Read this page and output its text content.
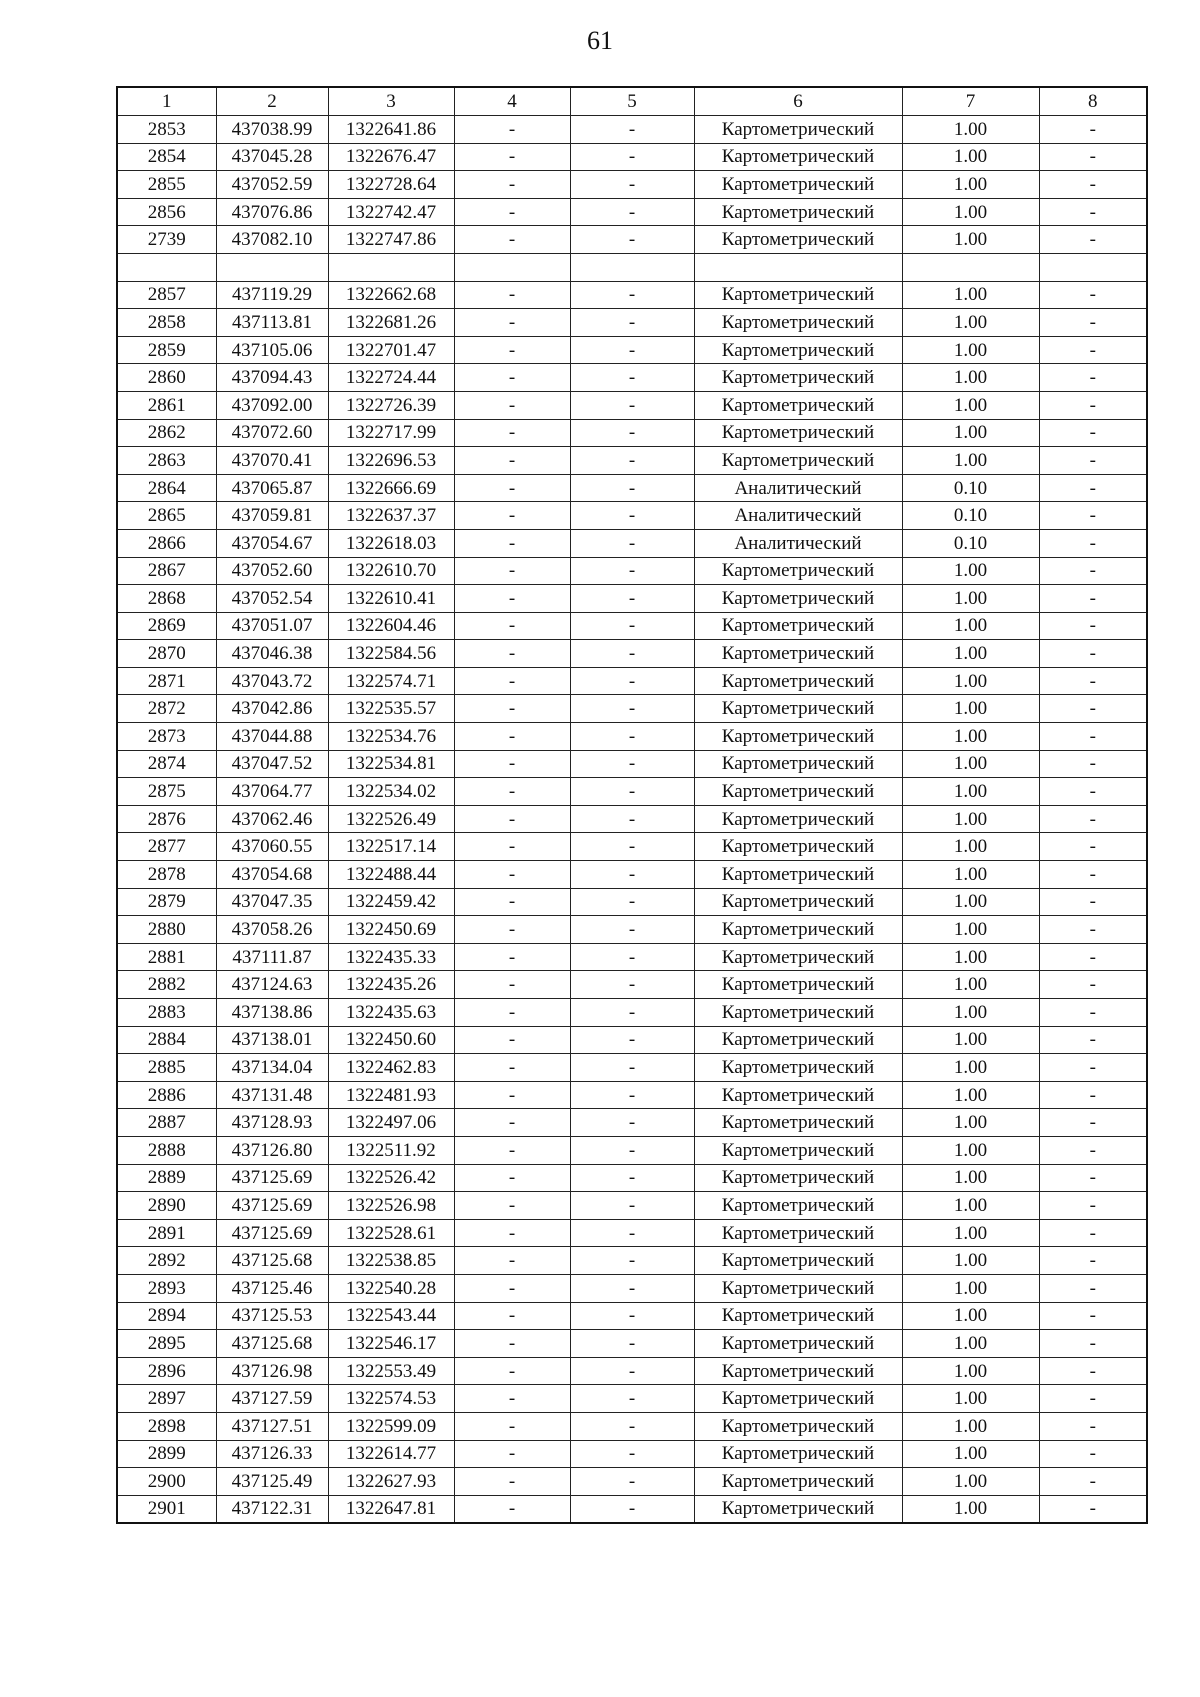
61
1	2	3	4	5	6	7	8
2853	437038.99	1322641.86	-	-	Картометрический	1.00	-
2854	437045.28	1322676.47	-	-	Картометрический	1.00	-
2855	437052.59	1322728.64	-	-	Картометрический	1.00	-
2856	437076.86	1322742.47	-	-	Картометрический	1.00	-
2739	437082.10	1322747.86	-	-	Картометрический	1.00	-

2857	437119.29	1322662.68	-	-	Картометрический	1.00	-
2858	437113.81	1322681.26	-	-	Картометрический	1.00	-
2859	437105.06	1322701.47	-	-	Картометрический	1.00	-
2860	437094.43	1322724.44	-	-	Картометрический	1.00	-
2861	437092.00	1322726.39	-	-	Картометрический	1.00	-
2862	437072.60	1322717.99	-	-	Картометрический	1.00	-
2863	437070.41	1322696.53	-	-	Картометрический	1.00	-
2864	437065.87	1322666.69	-	-	Аналитический	0.10	-
2865	437059.81	1322637.37	-	-	Аналитический	0.10	-
2866	437054.67	1322618.03	-	-	Аналитический	0.10	-
2867	437052.60	1322610.70	-	-	Картометрический	1.00	-
2868	437052.54	1322610.41	-	-	Картометрический	1.00	-
2869	437051.07	1322604.46	-	-	Картометрический	1.00	-
2870	437046.38	1322584.56	-	-	Картометрический	1.00	-
2871	437043.72	1322574.71	-	-	Картометрический	1.00	-
2872	437042.86	1322535.57	-	-	Картометрический	1.00	-
2873	437044.88	1322534.76	-	-	Картометрический	1.00	-
2874	437047.52	1322534.81	-	-	Картометрический	1.00	-
2875	437064.77	1322534.02	-	-	Картометрический	1.00	-
2876	437062.46	1322526.49	-	-	Картометрический	1.00	-
2877	437060.55	1322517.14	-	-	Картометрический	1.00	-
2878	437054.68	1322488.44	-	-	Картометрический	1.00	-
2879	437047.35	1322459.42	-	-	Картометрический	1.00	-
2880	437058.26	1322450.69	-	-	Картометрический	1.00	-
2881	437111.87	1322435.33	-	-	Картометрический	1.00	-
2882	437124.63	1322435.26	-	-	Картометрический	1.00	-
2883	437138.86	1322435.63	-	-	Картометрический	1.00	-
2884	437138.01	1322450.60	-	-	Картометрический	1.00	-
2885	437134.04	1322462.83	-	-	Картометрический	1.00	-
2886	437131.48	1322481.93	-	-	Картометрический	1.00	-
2887	437128.93	1322497.06	-	-	Картометрический	1.00	-
2888	437126.80	1322511.92	-	-	Картометрический	1.00	-
2889	437125.69	1322526.42	-	-	Картометрический	1.00	-
2890	437125.69	1322526.98	-	-	Картометрический	1.00	-
2891	437125.69	1322528.61	-	-	Картометрический	1.00	-
2892	437125.68	1322538.85	-	-	Картометрический	1.00	-
2893	437125.46	1322540.28	-	-	Картометрический	1.00	-
2894	437125.53	1322543.44	-	-	Картометрический	1.00	-
2895	437125.68	1322546.17	-	-	Картометрический	1.00	-
2896	437126.98	1322553.49	-	-	Картометрический	1.00	-
2897	437127.59	1322574.53	-	-	Картометрический	1.00	-
2898	437127.51	1322599.09	-	-	Картометрический	1.00	-
2899	437126.33	1322614.77	-	-	Картометрический	1.00	-
2900	437125.49	1322627.93	-	-	Картометрический	1.00	-
2901	437122.31	1322647.81	-	-	Картометрический	1.00	-
